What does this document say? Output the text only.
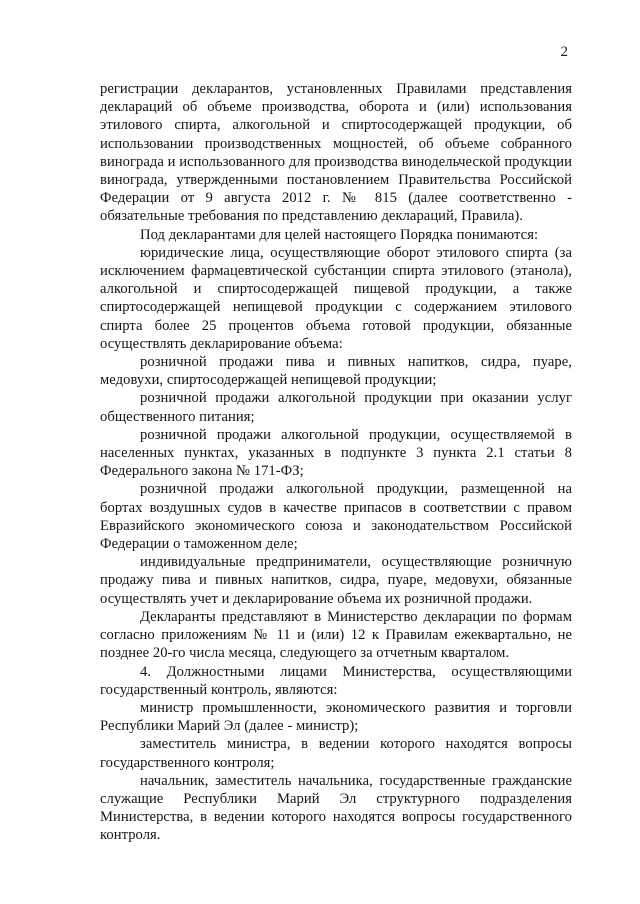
2

регистрации декларантов, установленных Правилами представления деклараций об объеме производства, оборота и (или) использования этилового спирта, алкогольной и спиртосодержащей продукции, об использовании производственных мощностей, об объеме собранного винограда и использованного для производства винодельческой продукции винограда, утвержденными постановлением Правительства Российской Федерации от 9 августа 2012 г. № 815 (далее соответственно - обязательные требования по представлению деклараций, Правила).

Под декларантами для целей настоящего Порядка понимаются:

юридические лица, осуществляющие оборот этилового спирта (за исключением фармацевтической субстанции спирта этилового (этанола), алкогольной и спиртосодержащей пищевой продукции, а также спиртосодержащей непищевой продукции с содержанием этилового спирта более 25 процентов объема готовой продукции, обязанные осуществлять декларирование объема:

розничной продажи пива и пивных напитков, сидра, пуаре, медовухи, спиртосодержащей непищевой продукции;

розничной продажи алкогольной продукции при оказании услуг общественного питания;

розничной продажи алкогольной продукции, осуществляемой в населенных пунктах, указанных в подпункте 3 пункта 2.1 статьи 8 Федерального закона № 171-ФЗ;

розничной продажи алкогольной продукции, размещенной на бортах воздушных судов в качестве припасов в соответствии с правом Евразийского экономического союза и законодательством Российской Федерации о таможенном деле;

индивидуальные предприниматели, осуществляющие розничную продажу пива и пивных напитков, сидра, пуаре, медовухи, обязанные осуществлять учет и декларирование объема их розничной продажи.

Декларанты представляют в Министерство декларации по формам согласно приложениям № 11 и (или) 12 к Правилам ежеквартально, не позднее 20-го числа месяца, следующего за отчетным кварталом.

4. Должностными лицами Министерства, осуществляющими государственный контроль, являются:

министр промышленности, экономического развития и торговли Республики Марий Эл (далее - министр);

заместитель министра, в ведении которого находятся вопросы государственного контроля;

начальник, заместитель начальника, государственные гражданские служащие Республики Марий Эл структурного подразделения Министерства, в ведении которого находятся вопросы государственного контроля.
